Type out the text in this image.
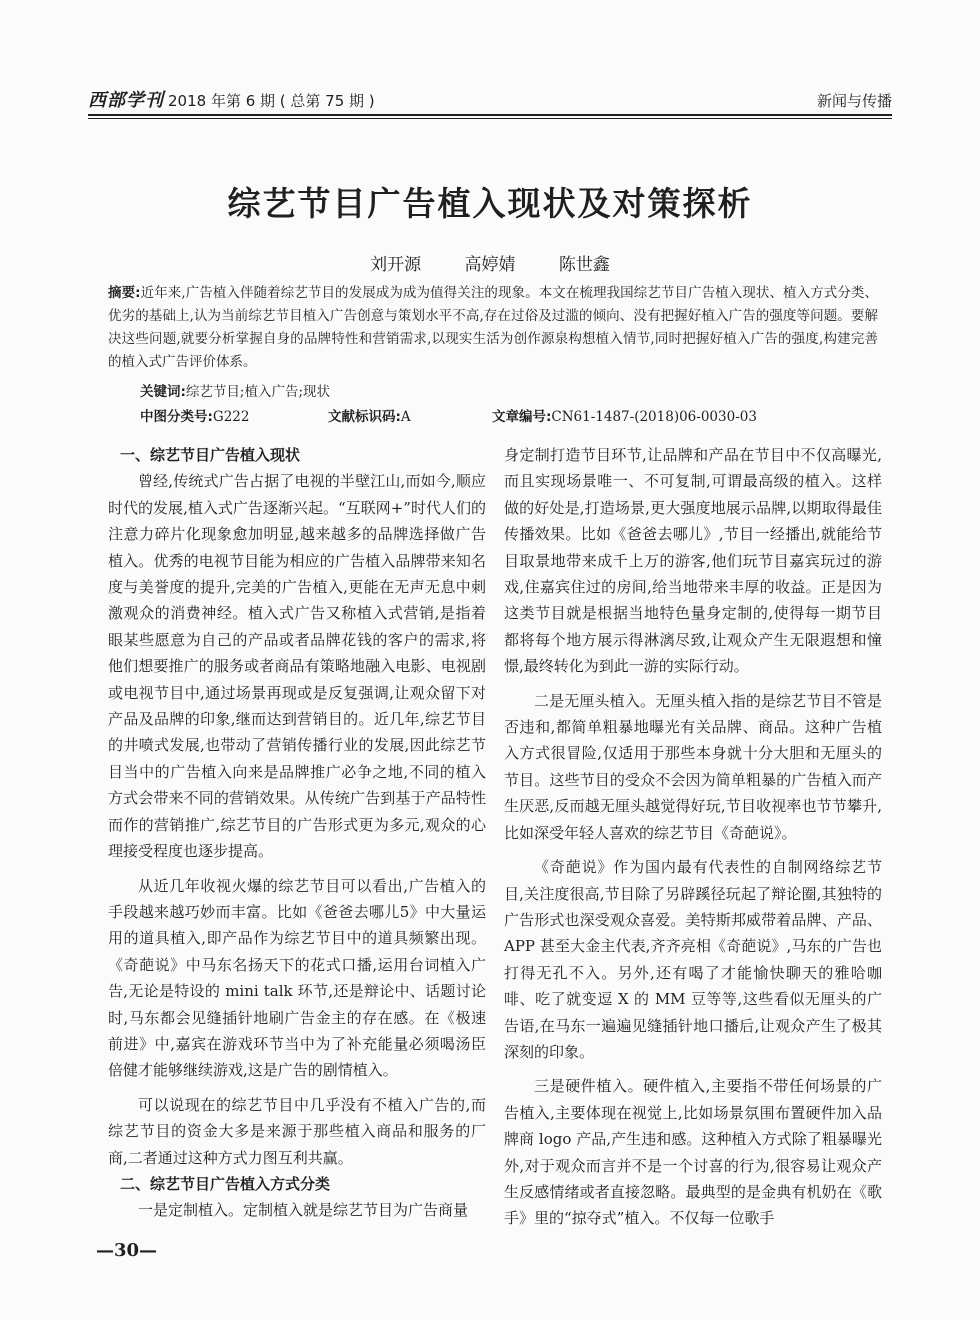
西部学刊 2018 年第 6 期 ( 总第 75 期 )	新闻与传播
综艺节目广告植入现状及对策探析
刘开源	高婷婧	陈世鑫
摘要:近年来,广告植入伴随着综艺节目的发展成为成为值得关注的现象。本文在梳理我国综艺节目广告植入现状、植入方式分类、优劣的基础上,认为当前综艺节目植入广告创意与策划水平不高,存在过俗及过滥的倾向、没有把握好植入广告的强度等问题。要解决这些问题,就要分析掌握自身的品牌特性和营销需求,以现实生活为创作源泉构想植入情节,同时把握好植入广告的强度,构建完善的植入式广告评价体系。
关键词:综艺节目;植入广告;现状
中图分类号:G222	文献标识码:A	文章编号:CN61-1487-(2018)06-0030-03
一、综艺节目广告植入现状

曾经,传统式广告占据了电视的半壁江山,而如今,顺应时代的发展,植入式广告逐渐兴起。“互联网+”时代人们的注意力碎片化现象愈加明显,越来越多的品牌选择做广告植入。优秀的电视节目能为相应的广告植入品牌带来知名度与美誉度的提升,完美的广告植入,更能在无声无息中刺激观众的消费神经。植入式广告又称植入式营销,是指着眼某些愿意为自己的产品或者品牌花钱的客户的需求,将他们想要推广的服务或者商品有策略地融入电影、电视剧或电视节目中,通过场景再现或是反复强调,让观众留下对产品及品牌的印象,继而达到营销目的。近几年,综艺节目的井喷式发展,也带动了营销传播行业的发展,因此综艺节目当中的广告植入向来是品牌推广必争之地,不同的植入方式会带来不同的营销效果。从传统广告到基于产品特性而作的营销推广,综艺节目的广告形式更为多元,观众的心理接受程度也逐步提高。

从近几年收视火爆的综艺节目可以看出,广告植入的手段越来越巧妙而丰富。比如《爸爸去哪儿5》中大量运用的道具植入,即产品作为综艺节目中的道具频繁出现。《奇葩说》中马东名扬天下的花式口播,运用台词植入广告,无论是特设的 mini talk 环节,还是辩论中、话题讨论时,马东都会见缝插针地刷广告金主的存在感。在《极速前进》中,嘉宾在游戏环节当中为了补充能量必须喝汤臣倍健才能够继续游戏,这是广告的剧情植入。

可以说现在的综艺节目中几乎没有不植入广告的,而综艺节目的资金大多是来源于那些植入商品和服务的厂商,二者通过这种方式力图互利共赢。

二、综艺节目广告植入方式分类

一是定制植入。定制植入就是综艺节目为广告商量

身定制打造节目环节,让品牌和产品在节目中不仅高曝光,而且实现场景唯一、不可复制,可谓最高级的植入。这样做的好处是,打造场景,更大强度地展示品牌,以期取得最佳传播效果。比如《爸爸去哪儿》,节目一经播出,就能给节目取景地带来成千上万的游客,他们玩节目嘉宾玩过的游戏,住嘉宾住过的房间,给当地带来丰厚的收益。正是因为这类节目就是根据当地特色量身定制的,使得每一期节目都将每个地方展示得淋漓尽致,让观众产生无限遐想和憧憬,最终转化为到此一游的实际行动。

二是无厘头植入。无厘头植入指的是综艺节目不管是否违和,都简单粗暴地曝光有关品牌、商品。这种广告植入方式很冒险,仅适用于那些本身就十分大胆和无厘头的节目。这些节目的受众不会因为简单粗暴的广告植入而产生厌恶,反而越无厘头越觉得好玩,节目收视率也节节攀升,比如深受年轻人喜欢的综艺节目《奇葩说》。

《奇葩说》作为国内最有代表性的自制网络综艺节目,关注度很高,节目除了另辟蹊径玩起了辩论圈,其独特的广告形式也深受观众喜爱。美特斯邦威带着品牌、产品、APP 甚至大金主代表,齐齐亮相《奇葩说》,马东的广告也打得无孔不入。另外,还有喝了才能愉快聊天的雅哈咖啡、吃了就变逗 X 的 MM 豆等等,这些看似无厘头的广告语,在马东一遍遍见缝插针地口播后,让观众产生了极其深刻的印象。

三是硬件植入。硬件植入,主要指不带任何场景的广告植入,主要体现在视觉上,比如场景氛围布置硬件加入品牌商 logo 产品,产生违和感。这种植入方式除了粗暴曝光外,对于观众而言并不是一个讨喜的行为,很容易让观众产生反感情绪或者直接忽略。最典型的是金典有机奶在《歌手》里的“掠夺式”植入。不仅每一位歌手

—30—
